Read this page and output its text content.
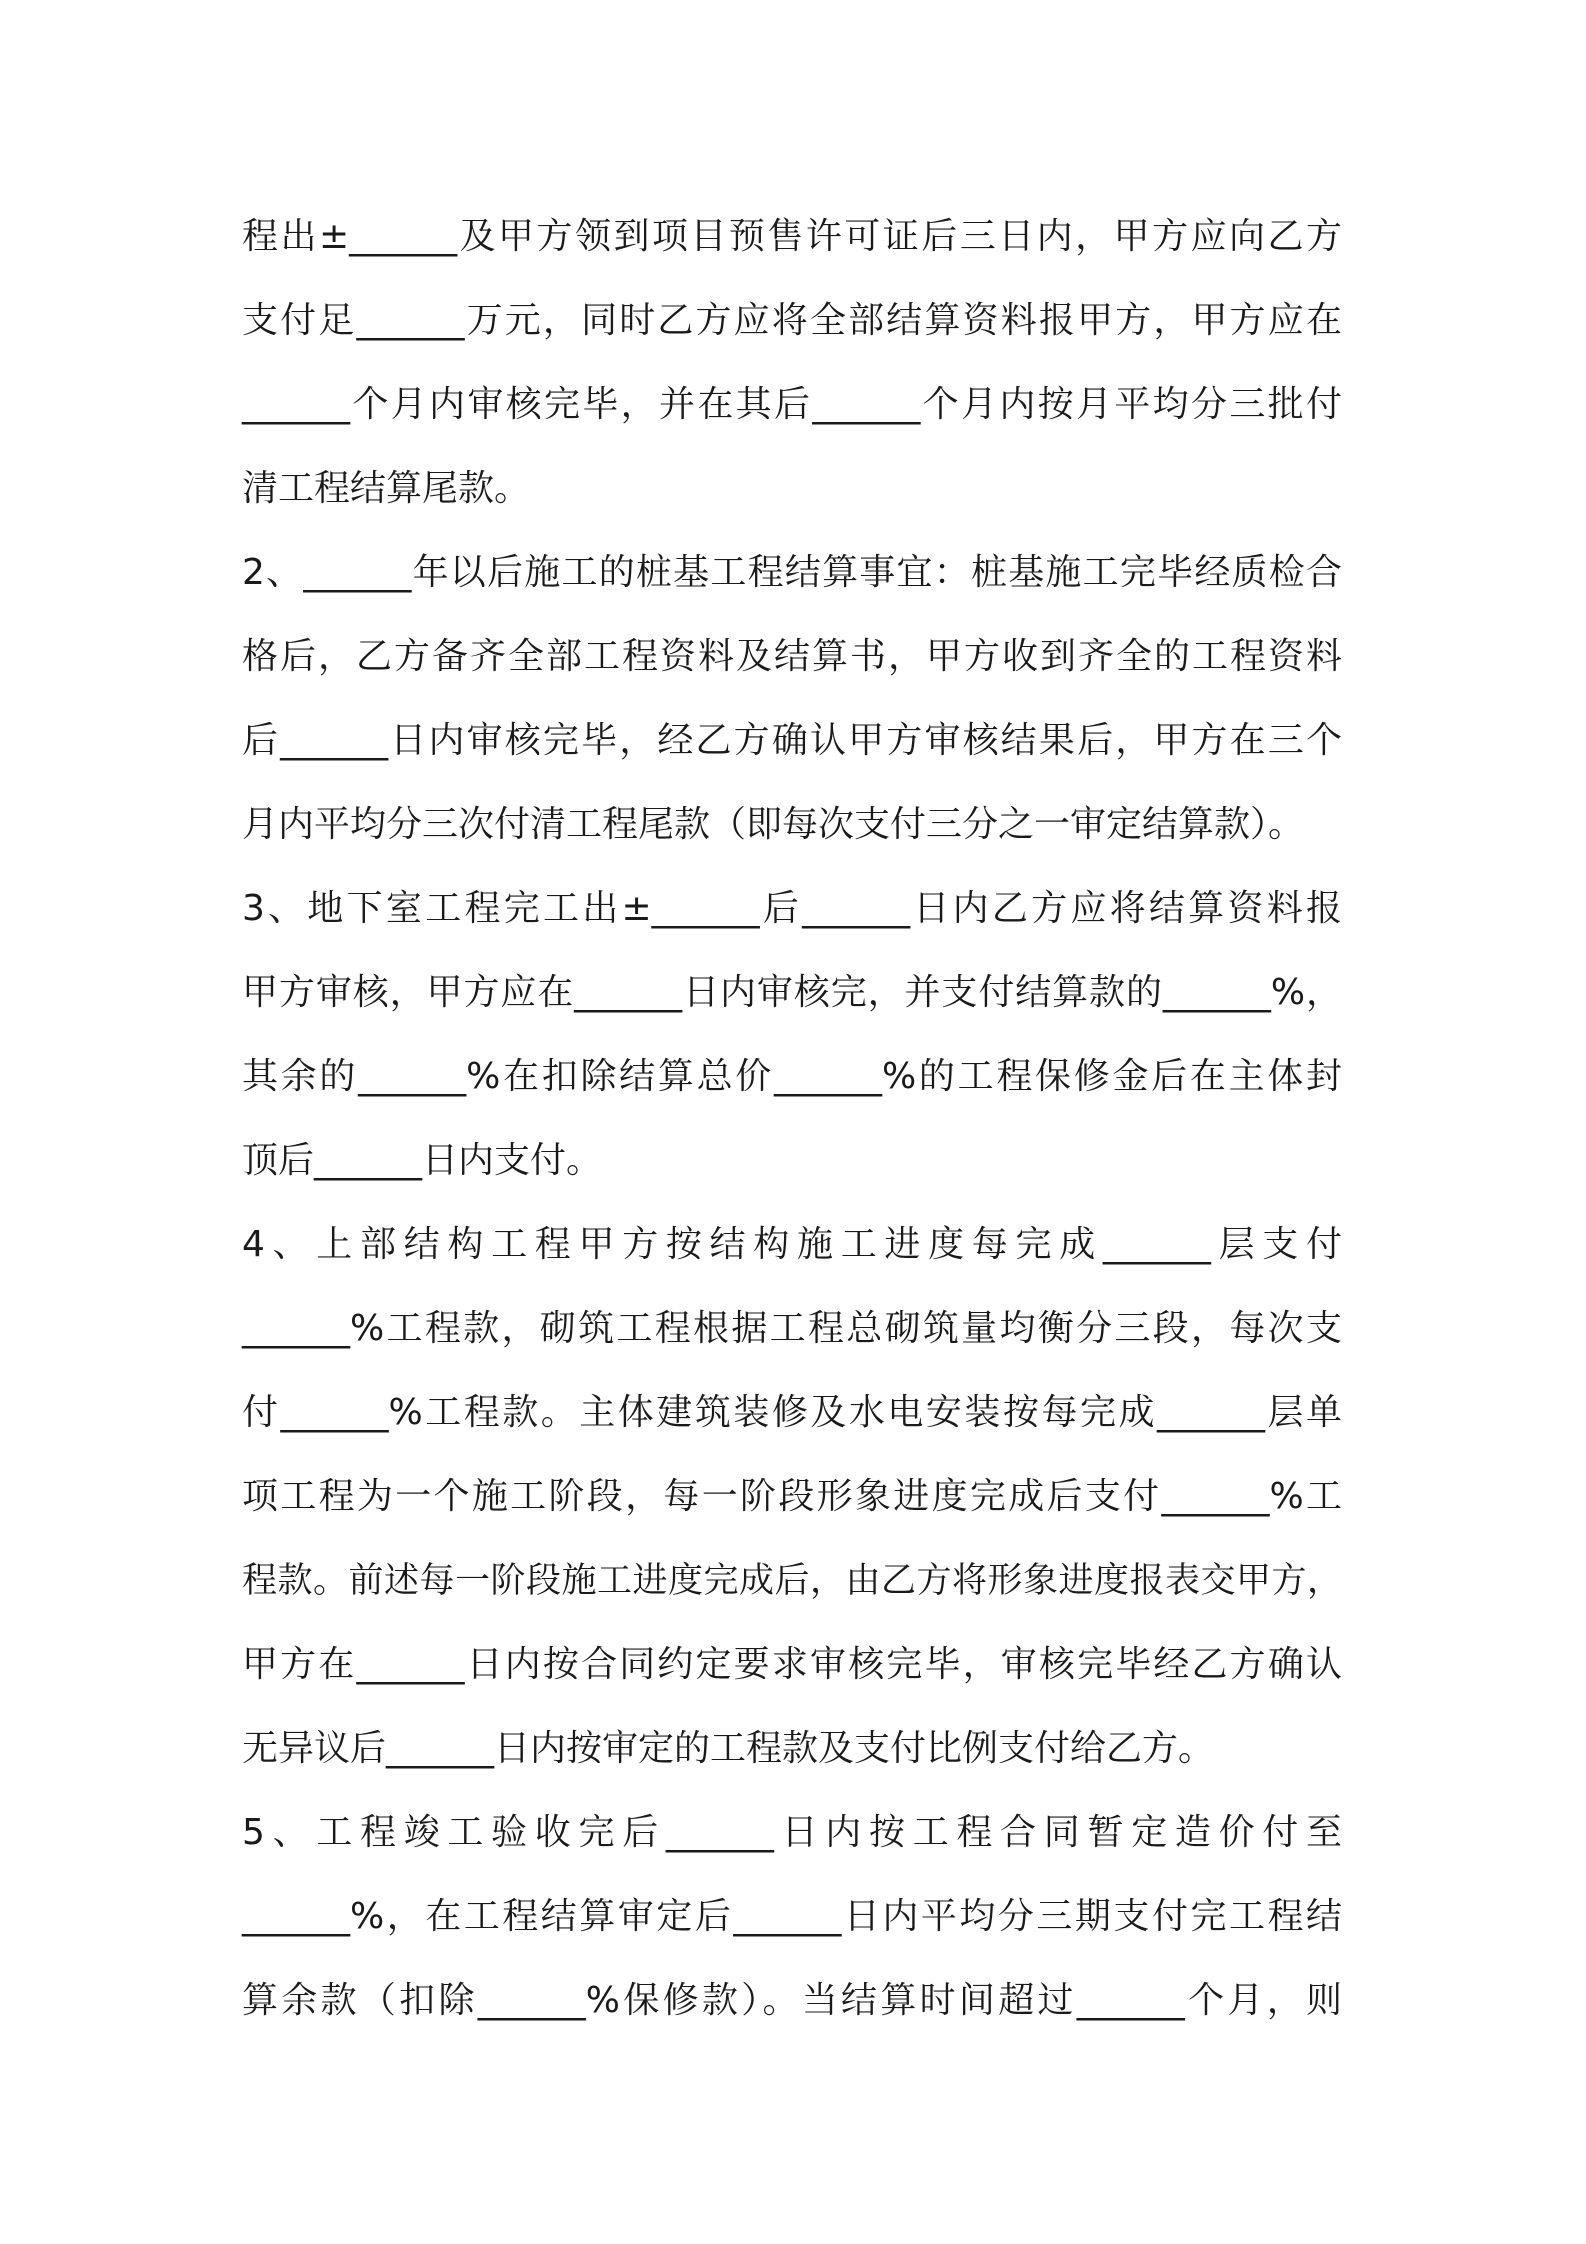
程出±______及甲方领到项目预售许可证后三日内，甲方应向乙方
支付足______万元，同时乙方应将全部结算资料报甲方，甲方应在
______个月内审核完毕，并在其后______个月内按月平均分三批付
清工程结算尾款。
2、______年以后施工的桩基工程结算事宜：桩基施工完毕经质检合
格后，乙方备齐全部工程资料及结算书，甲方收到齐全的工程资料
后______日内审核完毕，经乙方确认甲方审核结果后，甲方在三个
月内平均分三次付清工程尾款（即每次支付三分之一审定结算款）。
3、地下室工程完工出±______后______日内乙方应将结算资料报
甲方审核，甲方应在______日内审核完，并支付结算款的______%，
其余的______%在扣除结算总价______%的工程保修金后在主体封
顶后______日内支付。
4、上部结构工程甲方按结构施工进度每完成______层支付
______%工程款，砌筑工程根据工程总砌筑量均衡分三段，每次支
付______%工程款。主体建筑装修及水电安装按每完成______层单
项工程为一个施工阶段，每一阶段形象进度完成后支付______%工
程款。前述每一阶段施工进度完成后，由乙方将形象进度报表交甲方，
甲方在______日内按合同约定要求审核完毕，审核完毕经乙方确认
无异议后______日内按审定的工程款及支付比例支付给乙方。
5、工程竣工验收完后______日内按工程合同暂定造价付至
______%，在工程结算审定后______日内平均分三期支付完工程结
算余款（扣除______%保修款）。当结算时间超过______个月，则
